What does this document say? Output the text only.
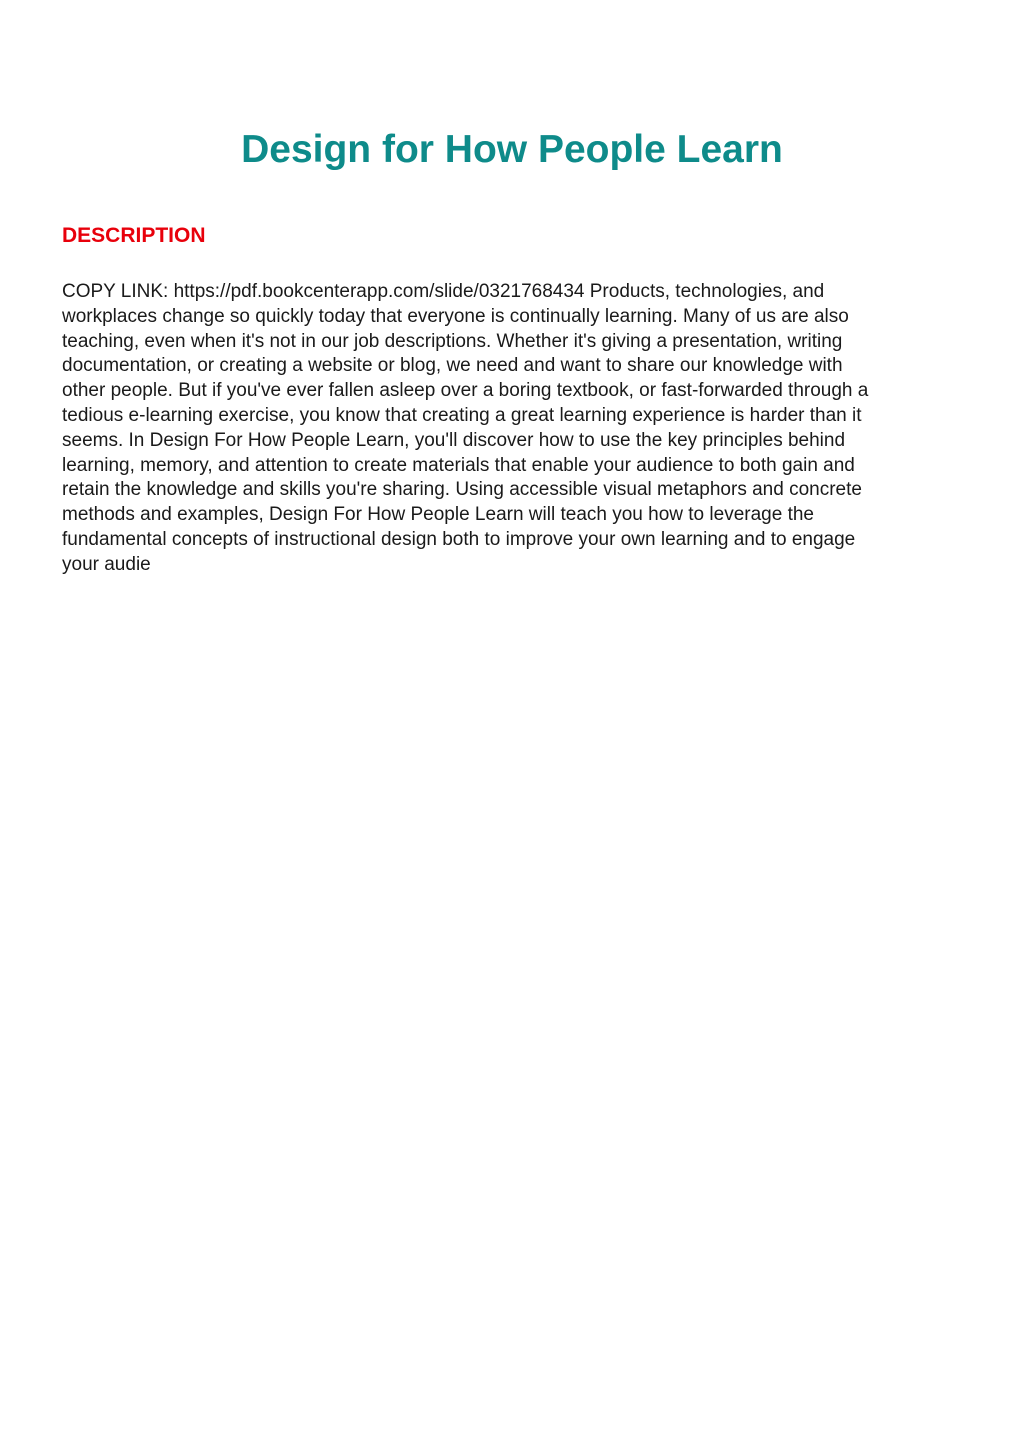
Design for How People Learn
DESCRIPTION

COPY LINK: https://pdf.bookcenterapp.com/slide/0321768434 Products, technologies, and
workplaces change so quickly today that everyone is continually learning. Many of us are also
teaching, even when it's not in our job descriptions. Whether it's giving a presentation, writing
documentation, or creating a website or blog, we need and want to share our knowledge with
other people. But if you've ever fallen asleep over a boring textbook, or fast-forwarded through a
tedious e-learning exercise, you know that creating a great learning experience is harder than it
seems. In Design For How People Learn, you'll discover how to use the key principles behind
learning, memory, and attention to create materials that enable your audience to both gain and
retain the knowledge and skills you're sharing. Using accessible visual metaphors and concrete
methods and examples, Design For How People Learn will teach you how to leverage the
fundamental concepts of instructional design both to improve your own learning and to engage
your audie
